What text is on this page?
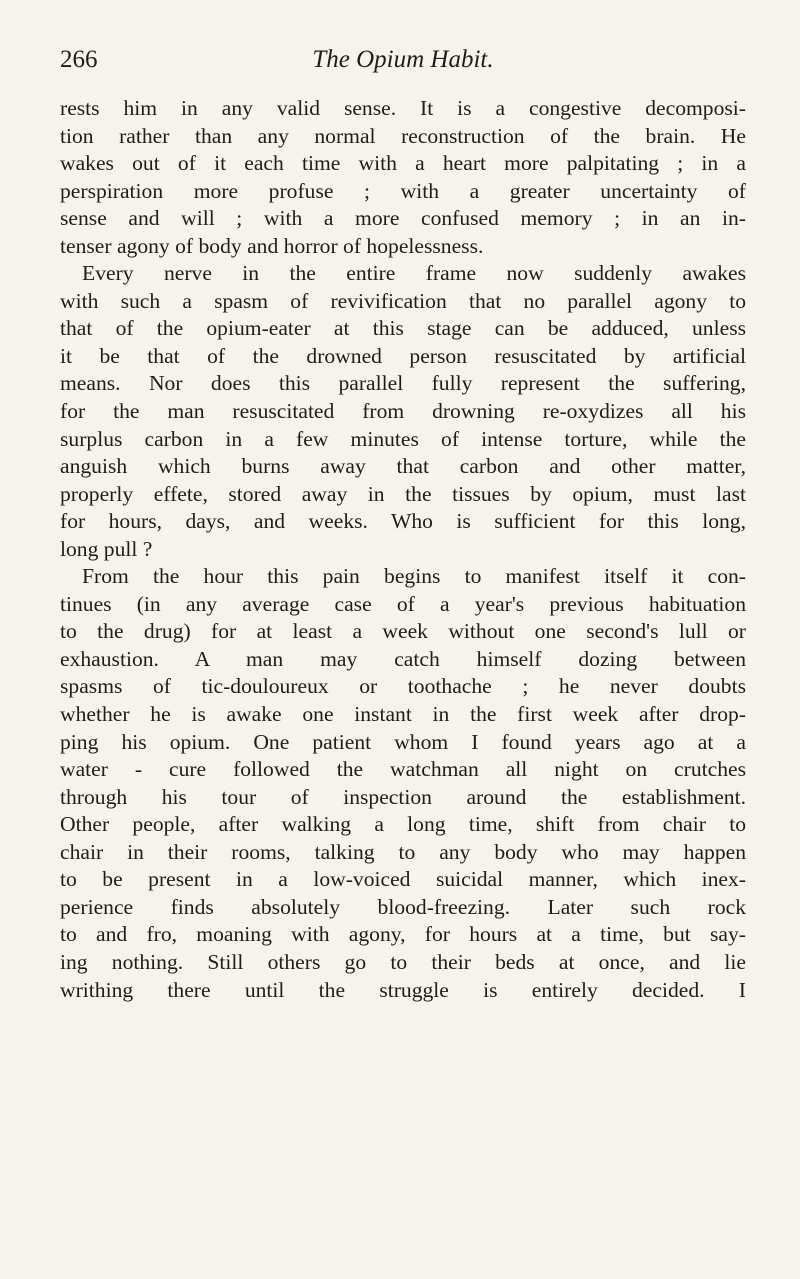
266	The Opium Habit.
rests him in any valid sense. It is a congestive decomposi-
tion rather than any normal reconstruction of the brain. He
wakes out of it each time with a heart more palpitating ; in a
perspiration more profuse ; with a greater uncertainty of
sense and will ; with a more confused memory ; in an in-
tenser agony of body and horror of hopelessness.
Every nerve in the entire frame now suddenly awakes
with such a spasm of revivification that no parallel agony to
that of the opium-eater at this stage can be adduced, unless
it be that of the drowned person resuscitated by artificial
means. Nor does this parallel fully represent the suffering,
for the man resuscitated from drowning re-oxydizes all his
surplus carbon in a few minutes of intense torture, while the
anguish which burns away that carbon and other matter,
properly effete, stored away in the tissues by opium, must last
for hours, days, and weeks. Who is sufficient for this long,
long pull ?
From the hour this pain begins to manifest itself it con-
tinues (in any average case of a year's previous habituation
to the drug) for at least a week without one second's lull or
exhaustion. A man may catch himself dozing between
spasms of tic-douloureux or toothache ; he never doubts
whether he is awake one instant in the first week after drop-
ping his opium. One patient whom I found years ago at a
water - cure followed the watchman all night on crutches
through his tour of inspection around the establishment.
Other people, after walking a long time, shift from chair to
chair in their rooms, talking to any body who may happen
to be present in a low-voiced suicidal manner, which inex-
perience finds absolutely blood-freezing. Later such rock
to and fro, moaning with agony, for hours at a time, but say-
ing nothing. Still others go to their beds at once, and lie
writhing there until the struggle is entirely decided. I
